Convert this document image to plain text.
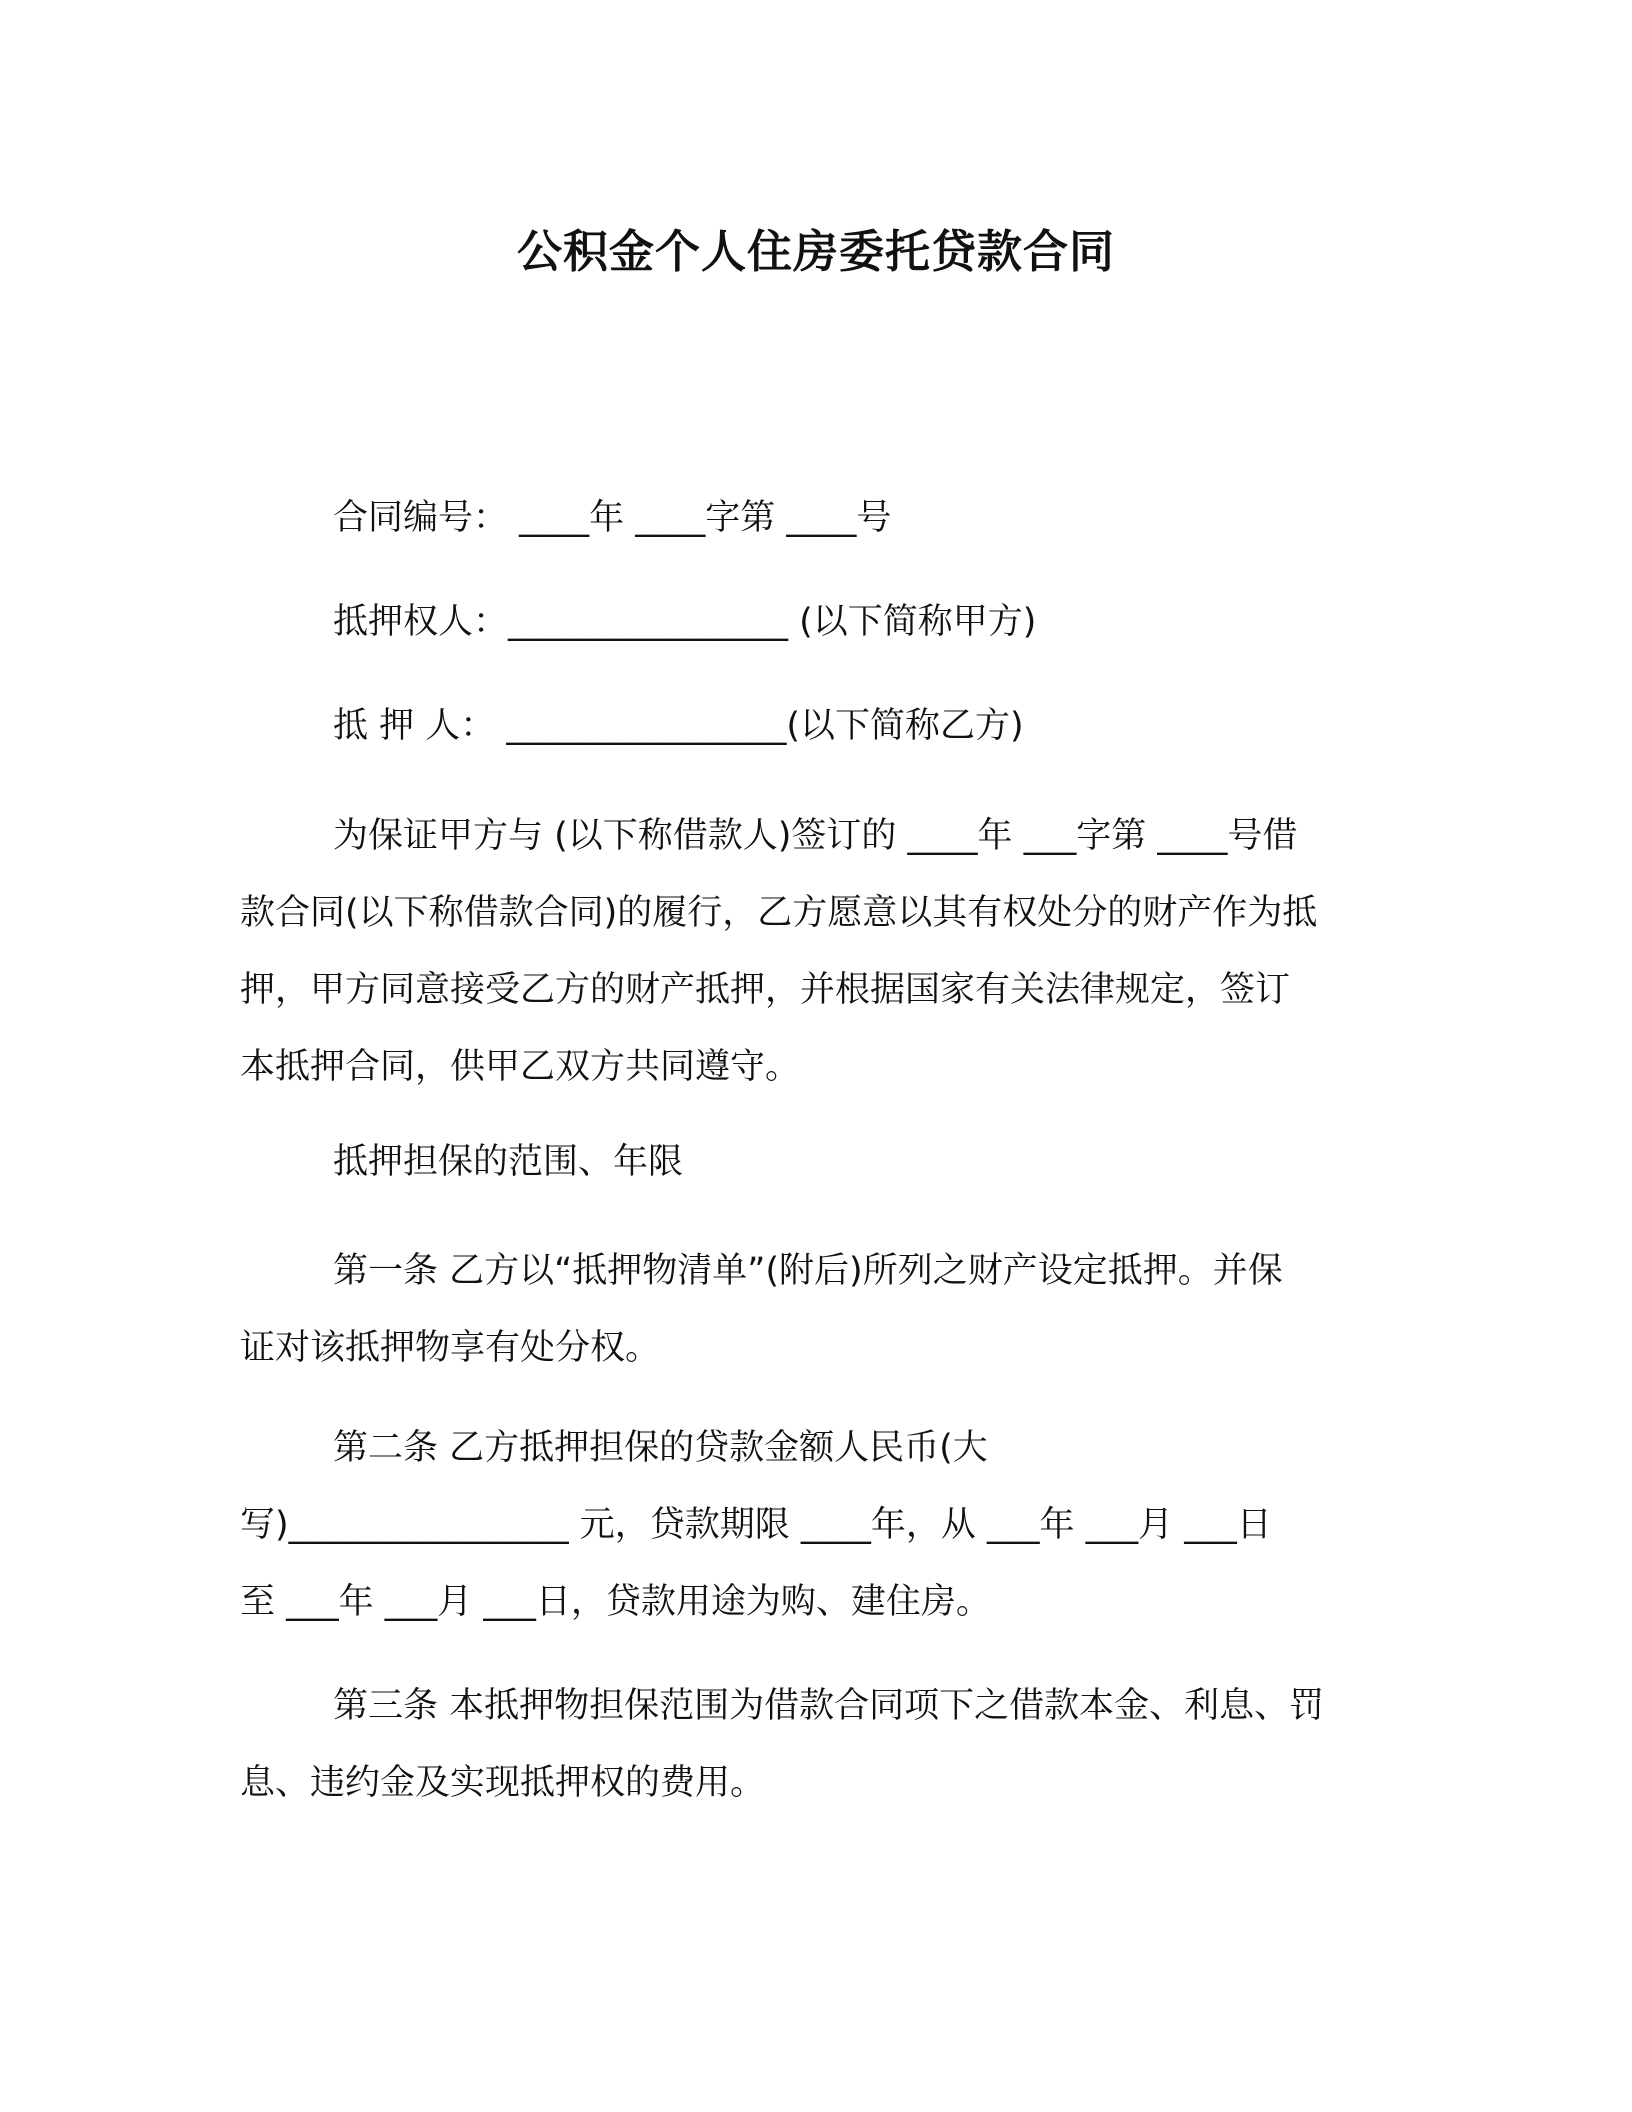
公积金个人住房委托贷款合同
合同编号： ____年 ____字第 ____号
抵押权人：________________ (以下简称甲方)
抵 押 人： ________________(以下简称乙方)
为保证甲方与 (以下称借款人)签订的 ____年 ___字第 ____号借
款合同(以下称借款合同)的履行，乙方愿意以其有权处分的财产作为抵
押，甲方同意接受乙方的财产抵押，并根据国家有关法律规定，签订
本抵押合同，供甲乙双方共同遵守。
抵押担保的范围、年限
第一条 乙方以“抵押物清单”(附后)所列之财产设定抵押。并保
证对该抵押物享有处分权。
第二条 乙方抵押担保的贷款金额人民币(大
写)________________ 元，贷款期限 ____年，从 ___年 ___月 ___日
至 ___年 ___月 ___日，贷款用途为购、建住房。
第三条 本抵押物担保范围为借款合同项下之借款本金、利息、罚
息、违约金及实现抵押权的费用。
